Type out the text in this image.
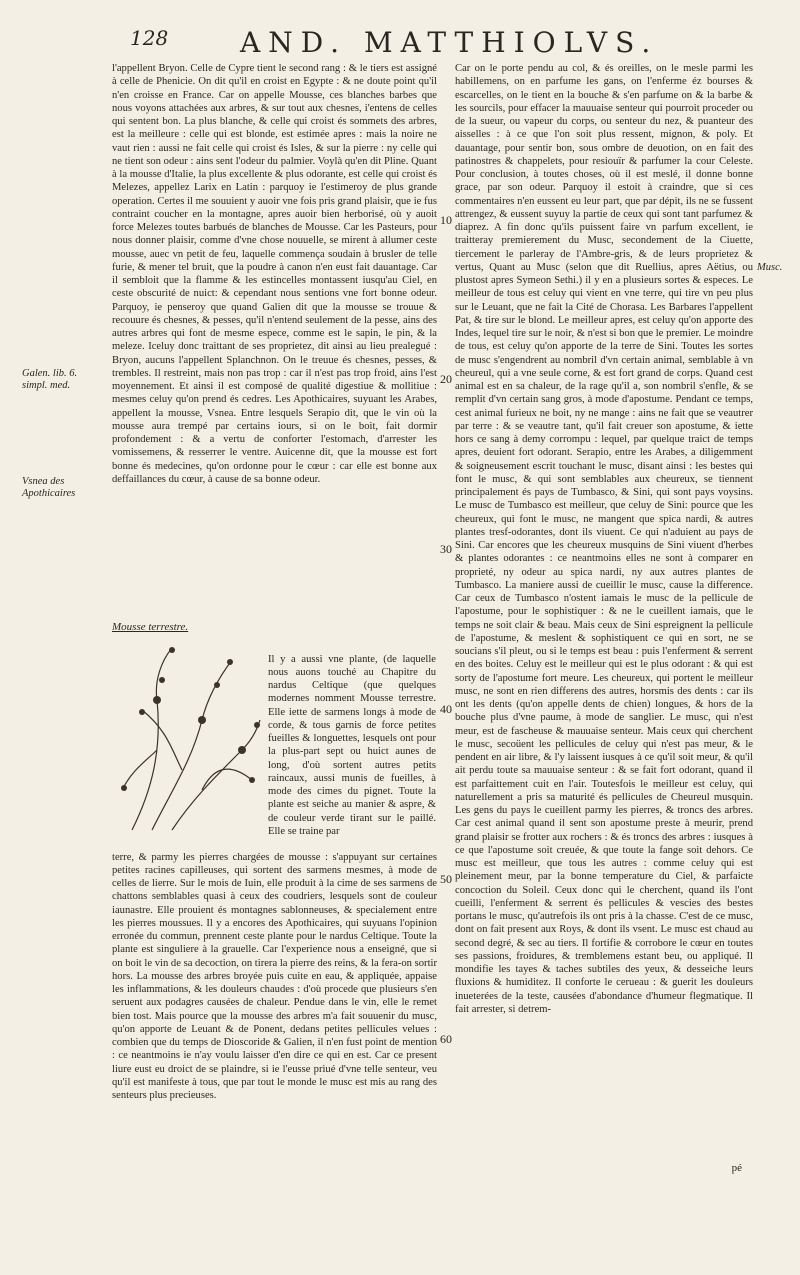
128	AND. MATTHIOLVS.

l'appellent Bryon. Celle de Cypre tient le second rang : & le tiers est assigné à celle de Phenicie. On dit qu'il en croist en Egypte : & ne doute point qu'il n'en croisse en France. Car on appelle Mousse, ces blanches barbes que nous voyons attachées aux arbres, & sur tout aux chesnes, i'entens de celles qui sentent bon. La plus blanche, & celle qui croist és sommets des arbres, est la meilleure : celle qui est blonde, est estimée apres : mais la noire ne vaut rien : aussi ne fait celle qui croist és Isles, & sur la pierre : ny celle qui ne tient son odeur : ains sent l'odeur du palmier. Voylà qu'en dit Pline. Quant à la mousse d'Italie, la plus excellente & plus odorante, est celle qui croist és Melezes, appellez Larix en Latin : parquoy ie l'estimeroy de plus grande operation. Certes il me souuient y auoir vne fois pris grand plaisir, que ie fus contraint coucher en la montagne, apres auoir bien herborisé, où y auoit force Melezes toutes barbués de blanches de Mousse. Car les Pasteurs, pour nous donner plaisir, comme d'vne chose nouuelle, se mirent à allumer ceste mousse, auec vn petit de feu, laquelle commença soudain à brusler de telle furie, & mener tel bruit, que la poudre à canon n'en eust fait dauantage. Car il sembloit que la flamme & les estincelles montassent iusqu'au Ciel, en ceste obscurité de nuict: & cependant nous sentions vne fort bonne odeur. Parquoy, ie penseroy que quand Galien dit que la mousse se trouue & recouure és chesnes, & pesses, qu'il n'entend seulement de la pesse, ains des autres arbres qui font de mesme espece, comme est le sapin, le pin, & la meleze. Iceluy donc traittant de ses proprietez, dit ainsi au lieu prealegué : Bryon, aucuns l'appellent Splanchnon. On le treuue és chesnes, pesses, & trembles. Il restreint, mais non pas trop : car il n'est pas trop froid, ains l'est moyennement. Et ainsi il est composé de qualité digestiue & mollitiue : mesmes celuy qu'on prend és cedres. Les Apothicaires, suyuant les Arabes, appellent la mousse, Vsnea. Entre lesquels Serapio dit, que le vin où la mousse aura trempé par certains iours, si on le boit, fait dormir profondement : & a vertu de conforter l'estomach, d'arrester les vomissemens, & resserrer le ventre. Auicenne dit, que la mousse est fort bonne és medecines, qu'on ordonne pour le cœur : car elle est bonne aux deffaillances du cœur, à cause de sa bonne odeur.

Mousse terrestre.

Il y a aussi vne plante, (de laquelle nous auons touché au Chapitre du nardus Celtique (que quelques modernes nomment Mousse terrestre. Elle iette de sarmens longs à mode de corde, & tous garnis de force petites fueilles & longuettes, lesquels ont pour la plus-part sept ou huict aunes de long, d'où sortent autres petits raincaux, aussi munis de fueilles, à mode des cimes du pignet. Toute la plante est seiche au manier & aspre, & de couleur verde tirant sur le paillé. Elle se traine par

terre, & parmy les pierres chargées de mousse : s'appuyant sur certaines petites racines capilleuses, qui sortent des sarmens mesmes, à mode de celles de lierre. Sur le mois de Iuin, elle produit à la cime de ses sarmens de chattons semblables quasi à ceux des coudriers, lesquels sont de couleur iaunastre. Elle prouient és montagnes sablonneuses, & specialement entre les pierres moussues. Il y a encores des Apothicaires, qui suyuans l'opinion erronée du commun, prennent ceste plante pour le nardus Celtique. Toute la plante est singuliere à la grauelle. Car l'experience nous a enseigné, que si on boit le vin de sa decoction, on tirera la pierre des reins, & la fera-on sortir hors. La mousse des arbres broyée puis cuite en eau, & appliquée, appaise les inflammations, & les douleurs chaudes : d'où procede que plusieurs s'en seruent aux podagres causées de chaleur. Pendue dans le vin, elle le remet bien tost. Mais pource que la mousse des arbres m'a fait souuenir du musc, qu'on apporte de Leuant & de Ponent, dedans petites pellicules velues : combien que du temps de Dioscoride & Galien, il n'en fust point de mention : ce neantmoins ie n'ay voulu laisser d'en dire ce qui en est. Car ce present liure eust eu droict de se plaindre, si ie l'eusse priué d'vne telle senteur, veu qu'il est manifeste à tous, que par tout le monde le musc est mis au rang des senteurs plus precieuses.

Car on le porte pendu au col, & és oreilles, on le mesle parmi les habillemens, on en parfume les gans, on l'enferme éz bourses & escarcelles, on le tient en la bouche & s'en parfume on & la barbe & les sourcils, pour effacer la mauuaise senteur qui pourroit proceder ou de la sueur, ou vapeur du corps, ou senteur du nez, & puanteur des aisselles : à ce que l'on soit plus ressent, mignon, & poly. Et dauantage, pour sentir bon, sous ombre de deuotion, on en fait des patinostres & chappelets, pour resiouïr & parfumer la cour Celeste. Pour conclusion, à toutes choses, où il est meslé, il donne bonne grace, par son odeur. Parquoy il estoit à craindre, que si ces commentaires n'en eussent eu leur part, que par dépit, ils ne se fussent attrengez, & eussent suyuy la partie de ceux qui sont tant parfumez & diaprez. A fin donc qu'ils puissent faire vn parfum excellent, ie traitteray premierement du Musc, secondement de la Ciuette, tiercement le parleray de l'Ambre-gris, & de leurs proprietez & vertus, Quant au Musc (selon que dit Ruellius, apres Aëtius, ou plustost apres Symeon Sethi.) il y en a plusieurs sortes & especes. Le meilleur de tous est celuy qui vient en vne terre, qui tire vn peu plus sur le Leuant, que ne fait la Cité de Chorasa. Les Barbares l'appellent Pat, & tire sur le blond. Le meilleur apres, est celuy qu'on apporte des Indes, lequel tire sur le noir, & n'est si bon que le premier. Le moindre de tous, est celuy qu'on apporte de la terre de Sini. Toutes les sortes de musc s'engendrent au nombril d'vn certain animal, semblable à vn cheureul, qui a vne seule corne, & est fort grand de corps. Quand cest animal est en sa chaleur, de la rage qu'il a, son nombril s'enfle, & se remplit d'vn certain sang gros, à mode d'apostume. Pendant ce temps, cest animal furieux ne boit, ny ne mange : ains ne fait que se veautrer par terre : & se veautre tant, qu'il fait creuer son apostume, & iette hors ce sang à demy corrompu : lequel, par quelque traict de temps apres, deuient fort odorant. Serapio, entre les Arabes, a diligemment & soigneusement escrit touchant le musc, disant ainsi : les bestes qui font le musc, & qui sont semblables aux cheureux, se tiennent principalement és pays de Tumbasco, & Sini, qui sont pays voysins. Le musc de Tumbasco est meilleur, que celuy de Sini: pource que les cheureux, qui font le musc, ne mangent que spica nardi, & autres plantes tresf-odorantes, dont ils viuent. Ce qui n'aduient au pays de Sini. Car encores que les cheureux musquins de Sini viuent d'herbes & plantes odorantes : ce neantmoins elles ne sont à comparer en proprieté, ny odeur au spica nardi, ny aux autres plantes de Tumbasco. La maniere aussi de cueillir le musc, cause la difference. Car ceux de Tumbasco n'ostent iamais le musc de la pellicule de l'apostume, pour le sophistiquer : & ne le cueillent iamais, que le temps ne soit clair & beau. Mais ceux de Sini espreignent la pellicule de l'apostume, & meslent & sophistiquent ce qui en sort, ne se soucians s'il pleut, ou si le temps est beau : puis l'enferment & serrent en des boites. Celuy est le meilleur qui est le plus odorant : & qui est sorty de l'apostume fort meure. Les cheureux, qui portent le meilleur musc, ne sont en rien differens des autres, horsmis des dents : car ils ont les dents (qu'on appelle dents de chien) longues, & hors de la bouche plus d'vne paume, à mode de sanglier. Le musc, qui n'est meur, est de fascheuse & mauuaise senteur. Mais ceux qui cherchent le musc, secoüent les pellicules de celuy qui n'est pas meur, & le pendent en air libre, & l'y laissent iusques à ce qu'il soit meur, & qu'il ait perdu toute sa mauuaise senteur : & se fait fort odorant, quand il est parfaittement cuit en l'air. Toutesfois le meilleur est celuy, qui naturellement a pris sa maturité és pellicules de Cheureul musquin. Les gens du pays le cueillent parmy les pierres, & troncs des arbres. Car cest animal quand il sent son apostume preste à meurir, prend grand plaisir se frotter aux rochers : & és troncs des arbres : iusques à ce que l'apostume soit creuée, & que toute la fange soit dehors. Ce musc est meilleur, que tous les autres : comme celuy qui est pleinement meur, par la bonne temperature du Ciel, & parfaicte concoction du Soleil. Ceux donc qui le cherchent, quand ils l'ont cueilli, l'enferment & serrent és pellicules & vescies des bestes portans le musc, qu'autrefois ils ont pris à la chasse. C'est de ce musc, dont on fait present aux Roys, & dont ils vsent. Le musc est chaud au second degré, & sec au tiers. Il fortifie & corrobore le cœur en toutes ses passions, froidures, & tremblemens estant beu, ou appliqué. Il mondifie les tayes & taches subtiles des yeux, & desseiche leurs fluxions & humiditez. Il conforte le cerueau : & guerit les douleurs inueterées de la teste, causées d'abondance d'humeur flegmatique. Il fait arrester, si detrem-

Galen. lib. 6. simpl. med.
Vsnea des Apothicaires
Musc.
10
20
30
40
50
60
pé
